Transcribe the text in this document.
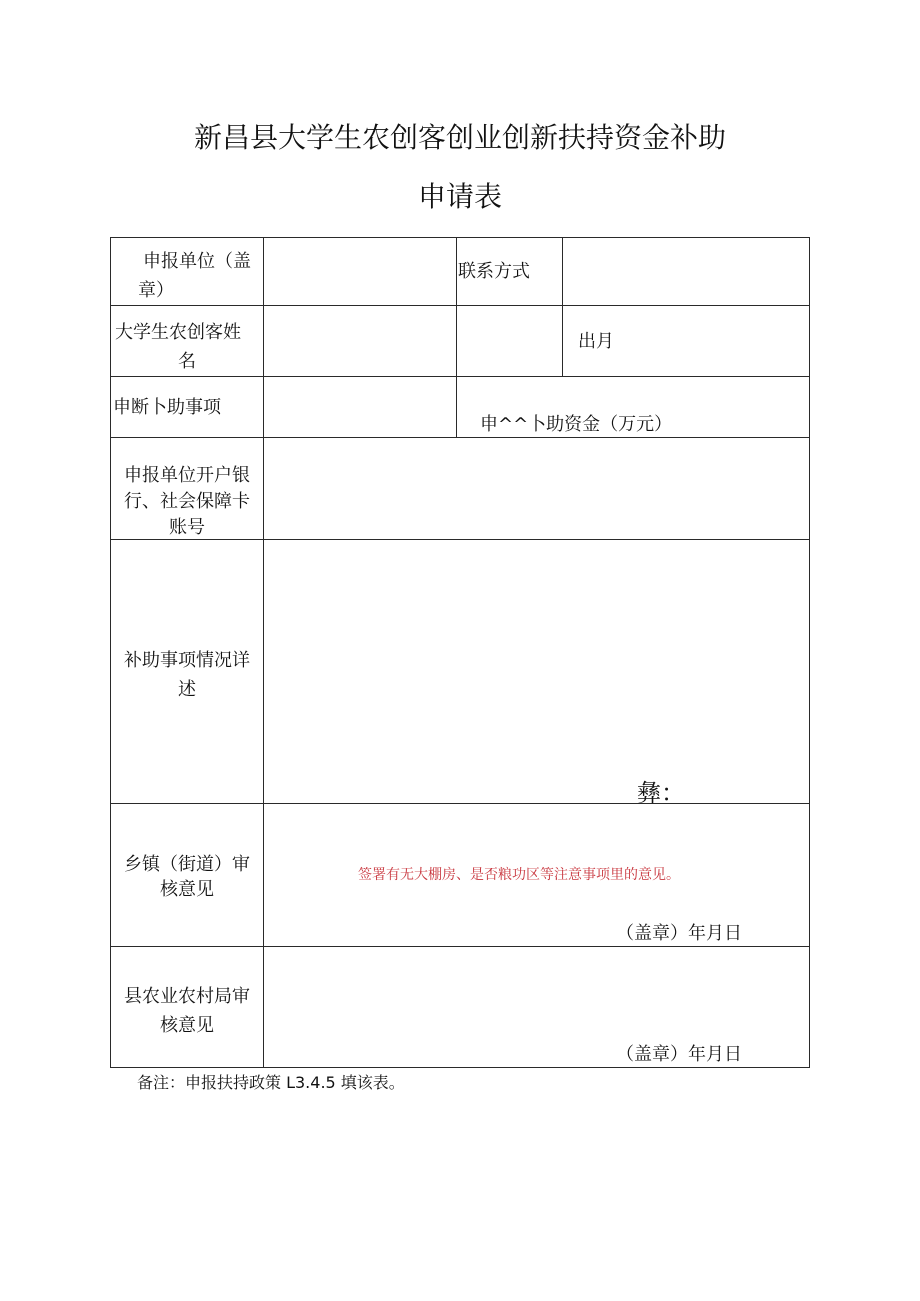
新昌县大学生农创客创业创新扶持资金补助
申请表
申报单位（盖
章）
联系方式
大学生农创客姓
名
出月
申断卜助事项
申^^卜助资金（万元）
申报单位开户银
行、社会保障卡
账号
补助事项情况详
述
彝：
乡镇（街道）审
核意见
签署有无大棚房、是否粮功区等注意事项里的意见。
（盖章）年月日
县农业农村局审
核意见
（盖章）年月日
备注：申报扶持政策 L3.4.5 填该表。
